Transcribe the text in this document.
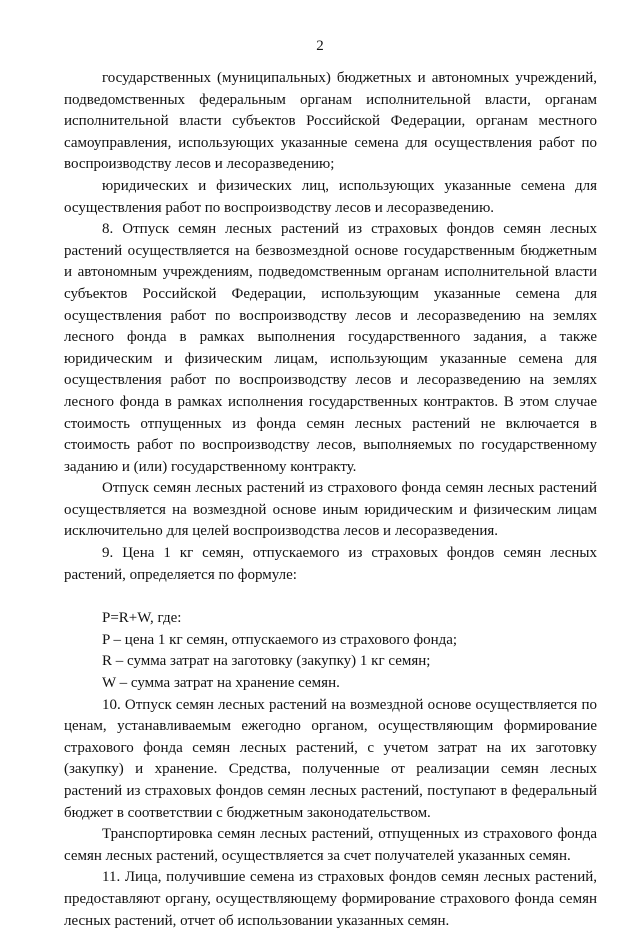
2

государственных (муниципальных) бюджетных и автономных учреждений, подведомственных федеральным органам исполнительной власти, органам исполнительной власти субъектов Российской Федерации, органам местного самоуправления, использующих указанные семена для осуществления работ по воспроизводству лесов и лесоразведению;

юридических и физических лиц, использующих указанные семена для осуществления работ по воспроизводству лесов и лесоразведению.

8. Отпуск семян лесных растений из страховых фондов семян лесных растений осуществляется на безвозмездной основе государственным бюджетным и автономным учреждениям, подведомственным органам исполнительной власти субъектов Российской Федерации, использующим указанные семена для осуществления работ по воспроизводству лесов и лесоразведению на землях лесного фонда в рамках выполнения государственного задания, а также юридическим и физическим лицам, использующим указанные семена для осуществления работ по воспроизводству лесов и лесоразведению на землях лесного фонда в рамках исполнения государственных контрактов. В этом случае стоимость отпущенных из фонда семян лесных растений не включается в стоимость работ по воспроизводству лесов, выполняемых по государственному заданию и (или) государственному контракту.

Отпуск семян лесных растений из страхового фонда семян лесных растений осуществляется на возмездной основе иным юридическим и физическим лицам исключительно для целей воспроизводства лесов и лесоразведения.

9. Цена 1 кг семян, отпускаемого из страховых фондов семян лесных растений, определяется по формуле:

P=R+W, где:

P – цена 1 кг семян, отпускаемого из страхового фонда;

R – сумма затрат на заготовку (закупку) 1 кг семян;

W – сумма затрат на хранение семян.

10. Отпуск семян лесных растений на возмездной основе осуществляется по ценам, устанавливаемым ежегодно органом, осуществляющим формирование страхового фонда семян лесных растений, с учетом затрат на их заготовку (закупку) и хранение. Средства, полученные от реализации семян лесных растений из страховых фондов семян лесных растений, поступают в федеральный бюджет в соответствии с бюджетным законодательством.

Транспортировка семян лесных растений, отпущенных из страхового фонда семян лесных растений, осуществляется за счет получателей указанных семян.

11. Лица, получившие семена из страховых фондов семян лесных растений, предоставляют органу, осуществляющему формирование страхового фонда семян лесных растений, отчет об использовании указанных семян.
